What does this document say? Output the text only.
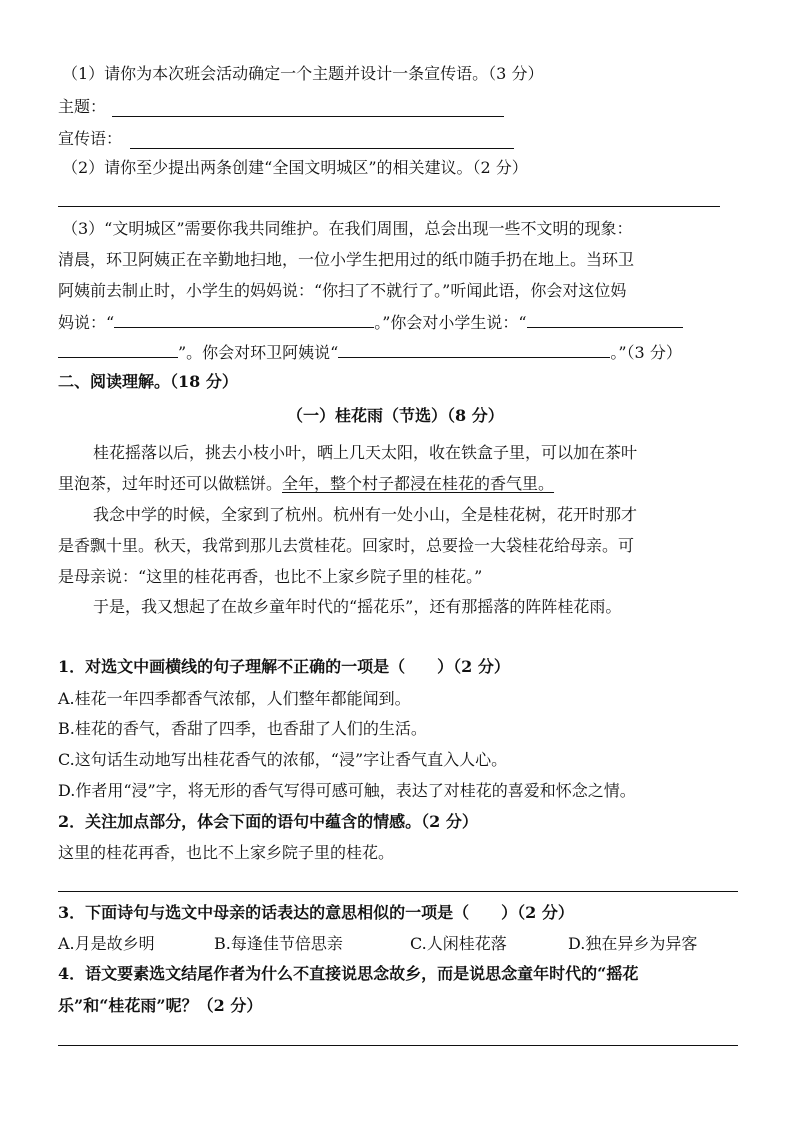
（1）请你为本次班会活动确定一个主题并设计一条宣传语。（3 分）
主题：
宣传语：
（2）请你至少提出两条创建“全国文明城区”的相关建议。（2 分）
（3）“文明城区”需要你我共同维护。在我们周围，总会出现一些不文明的现象：
清晨，环卫阿姨正在辛勤地扫地，一位小学生把用过的纸巾随手扔在地上。当环卫
阿姨前去制止时，小学生的妈妈说：“你扫了不就行了。”听闻此语，你会对这位妈
妈说：“	。”你会对小学生说：“
”。你会对环卫阿姨说“	。”（3 分）
二、阅读理解。（18 分）
（一）桂花雨（节选）（8 分）
桂花摇落以后，挑去小枝小叶，晒上几天太阳，收在铁盒子里，可以加在茶叶
里泡茶，过年时还可以做糕饼。全年，整个村子都浸在桂花的香气里。
我念中学的时候，全家到了杭州。杭州有一处小山，全是桂花树，花开时那才
是香飘十里。秋天，我常到那儿去赏桂花。回家时，总要捡一大袋桂花给母亲。可
是母亲说：“这里的桂花再香，也比不上家乡院子里的桂花。”
于是，我又想起了在故乡童年时代的“摇花乐”，还有那摇落的阵阵桂花雨。
1．对选文中画横线的句子理解不正确的一项是（　　）（2 分）
A.桂花一年四季都香气浓郁，人们整年都能闻到。
B.桂花的香气，香甜了四季，也香甜了人们的生活。
C.这句话生动地写出桂花香气的浓郁，“浸”字让香气直入人心。
D.作者用“浸”字，将无形的香气写得可感可触，表达了对桂花的喜爱和怀念之情。
2．关注加点部分，体会下面的语句中蕴含的情感。（2 分）
这里的桂花再香，也比不上家乡院子里的桂花。
3．下面诗句与选文中母亲的话表达的意思相似的一项是（　　）（2 分）
A.月是故乡明	B.每逢佳节倍思亲	C.人闲桂花落	D.独在异乡为异客
4．语文要素选文结尾作者为什么不直接说思念故乡，而是说思念童年时代的“摇花
乐”和“桂花雨”呢？（2 分）
